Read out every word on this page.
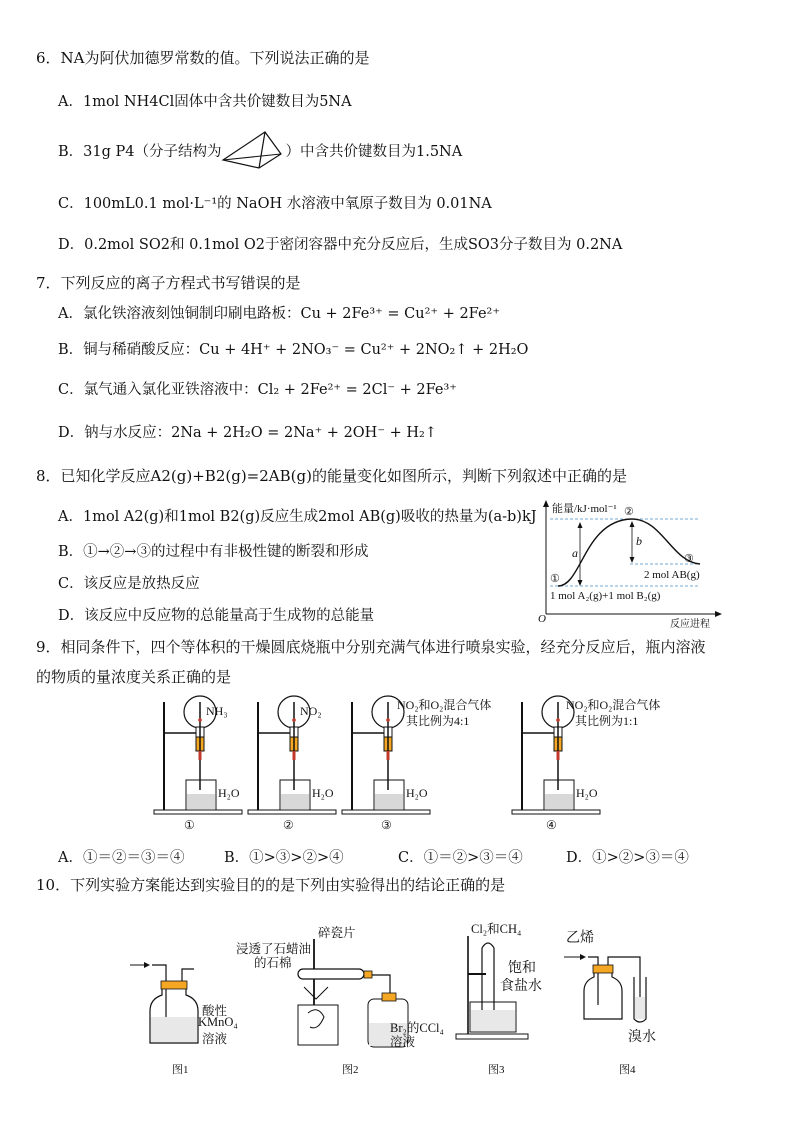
6．NA为阿伏加德罗常数的值。下列说法正确的是
A．1mol NH4Cl固体中含共价键数目为5NA
B．31g P4（分子结构为	）中含共价键数目为1.5NA
C．100mL0.1 mol·L⁻¹的 NaOH 水溶液中氧原子数目为 0.01NA
D．0.2mol SO2和 0.1mol O2于密闭容器中充分反应后，生成SO3分子数目为 0.2NA
7．下列反应的离子方程式书写错误的是
A．氯化铁溶液刻蚀铜制印刷电路板：Cu + 2Fe³⁺ = Cu²⁺ + 2Fe²⁺
B．铜与稀硝酸反应：Cu + 4H⁺ + 2NO₃⁻ = Cu²⁺ + 2NO₂↑ + 2H₂O
C．氯气通入氯化亚铁溶液中：Cl₂ + 2Fe²⁺ = 2Cl⁻ + 2Fe³⁺
D．钠与水反应：2Na + 2H₂O = 2Na⁺ + 2OH⁻ + H₂↑
8．已知化学反应A2(g)+B2(g)=2AB(g)的能量变化如图所示，判断下列叙述中正确的是
A．1mol A2(g)和1mol B2(g)反应生成2mol AB(g)吸收的热量为(a-b)kJ
B．①→②→③的过程中有非极性键的断裂和形成
C．该反应是放热反应
D．该反应中反应物的总能量高于生成物的总能量
能量/kJ·mol⁻¹ ②
a
b
③
2 mol AB(g)
①
1 mol A₂(g)+1 mol B₂(g)
O	反应进程
9．相同条件下，四个等体积的干燥圆底烧瓶中分别充满气体进行喷泉实验，经充分反应后，瓶内溶液
的物质的量浓度关系正确的是
NH₃	NO₂	NO₂和O₂混合气体
其比例为4:1
NO₂和O₂混合气体
其比例为1:1
H₂O	H₂O	H₂O	H₂O
①	②	③	④
A．①＝②＝③＝④	B．①>③>②>④	C．①＝②>③＝④	D．①>②>③＝④
10．下列实验方案能达到实验目的的是下列由实验得出的结论正确的是
酸性
KMnO₄
溶液
图1
碎瓷片
浸透了石蜡油
的石棉
Br₂的CCl₄
溶液
图2
Cl₂和CH₄
饱和
食盐水
图3
乙烯
溴水
图4
